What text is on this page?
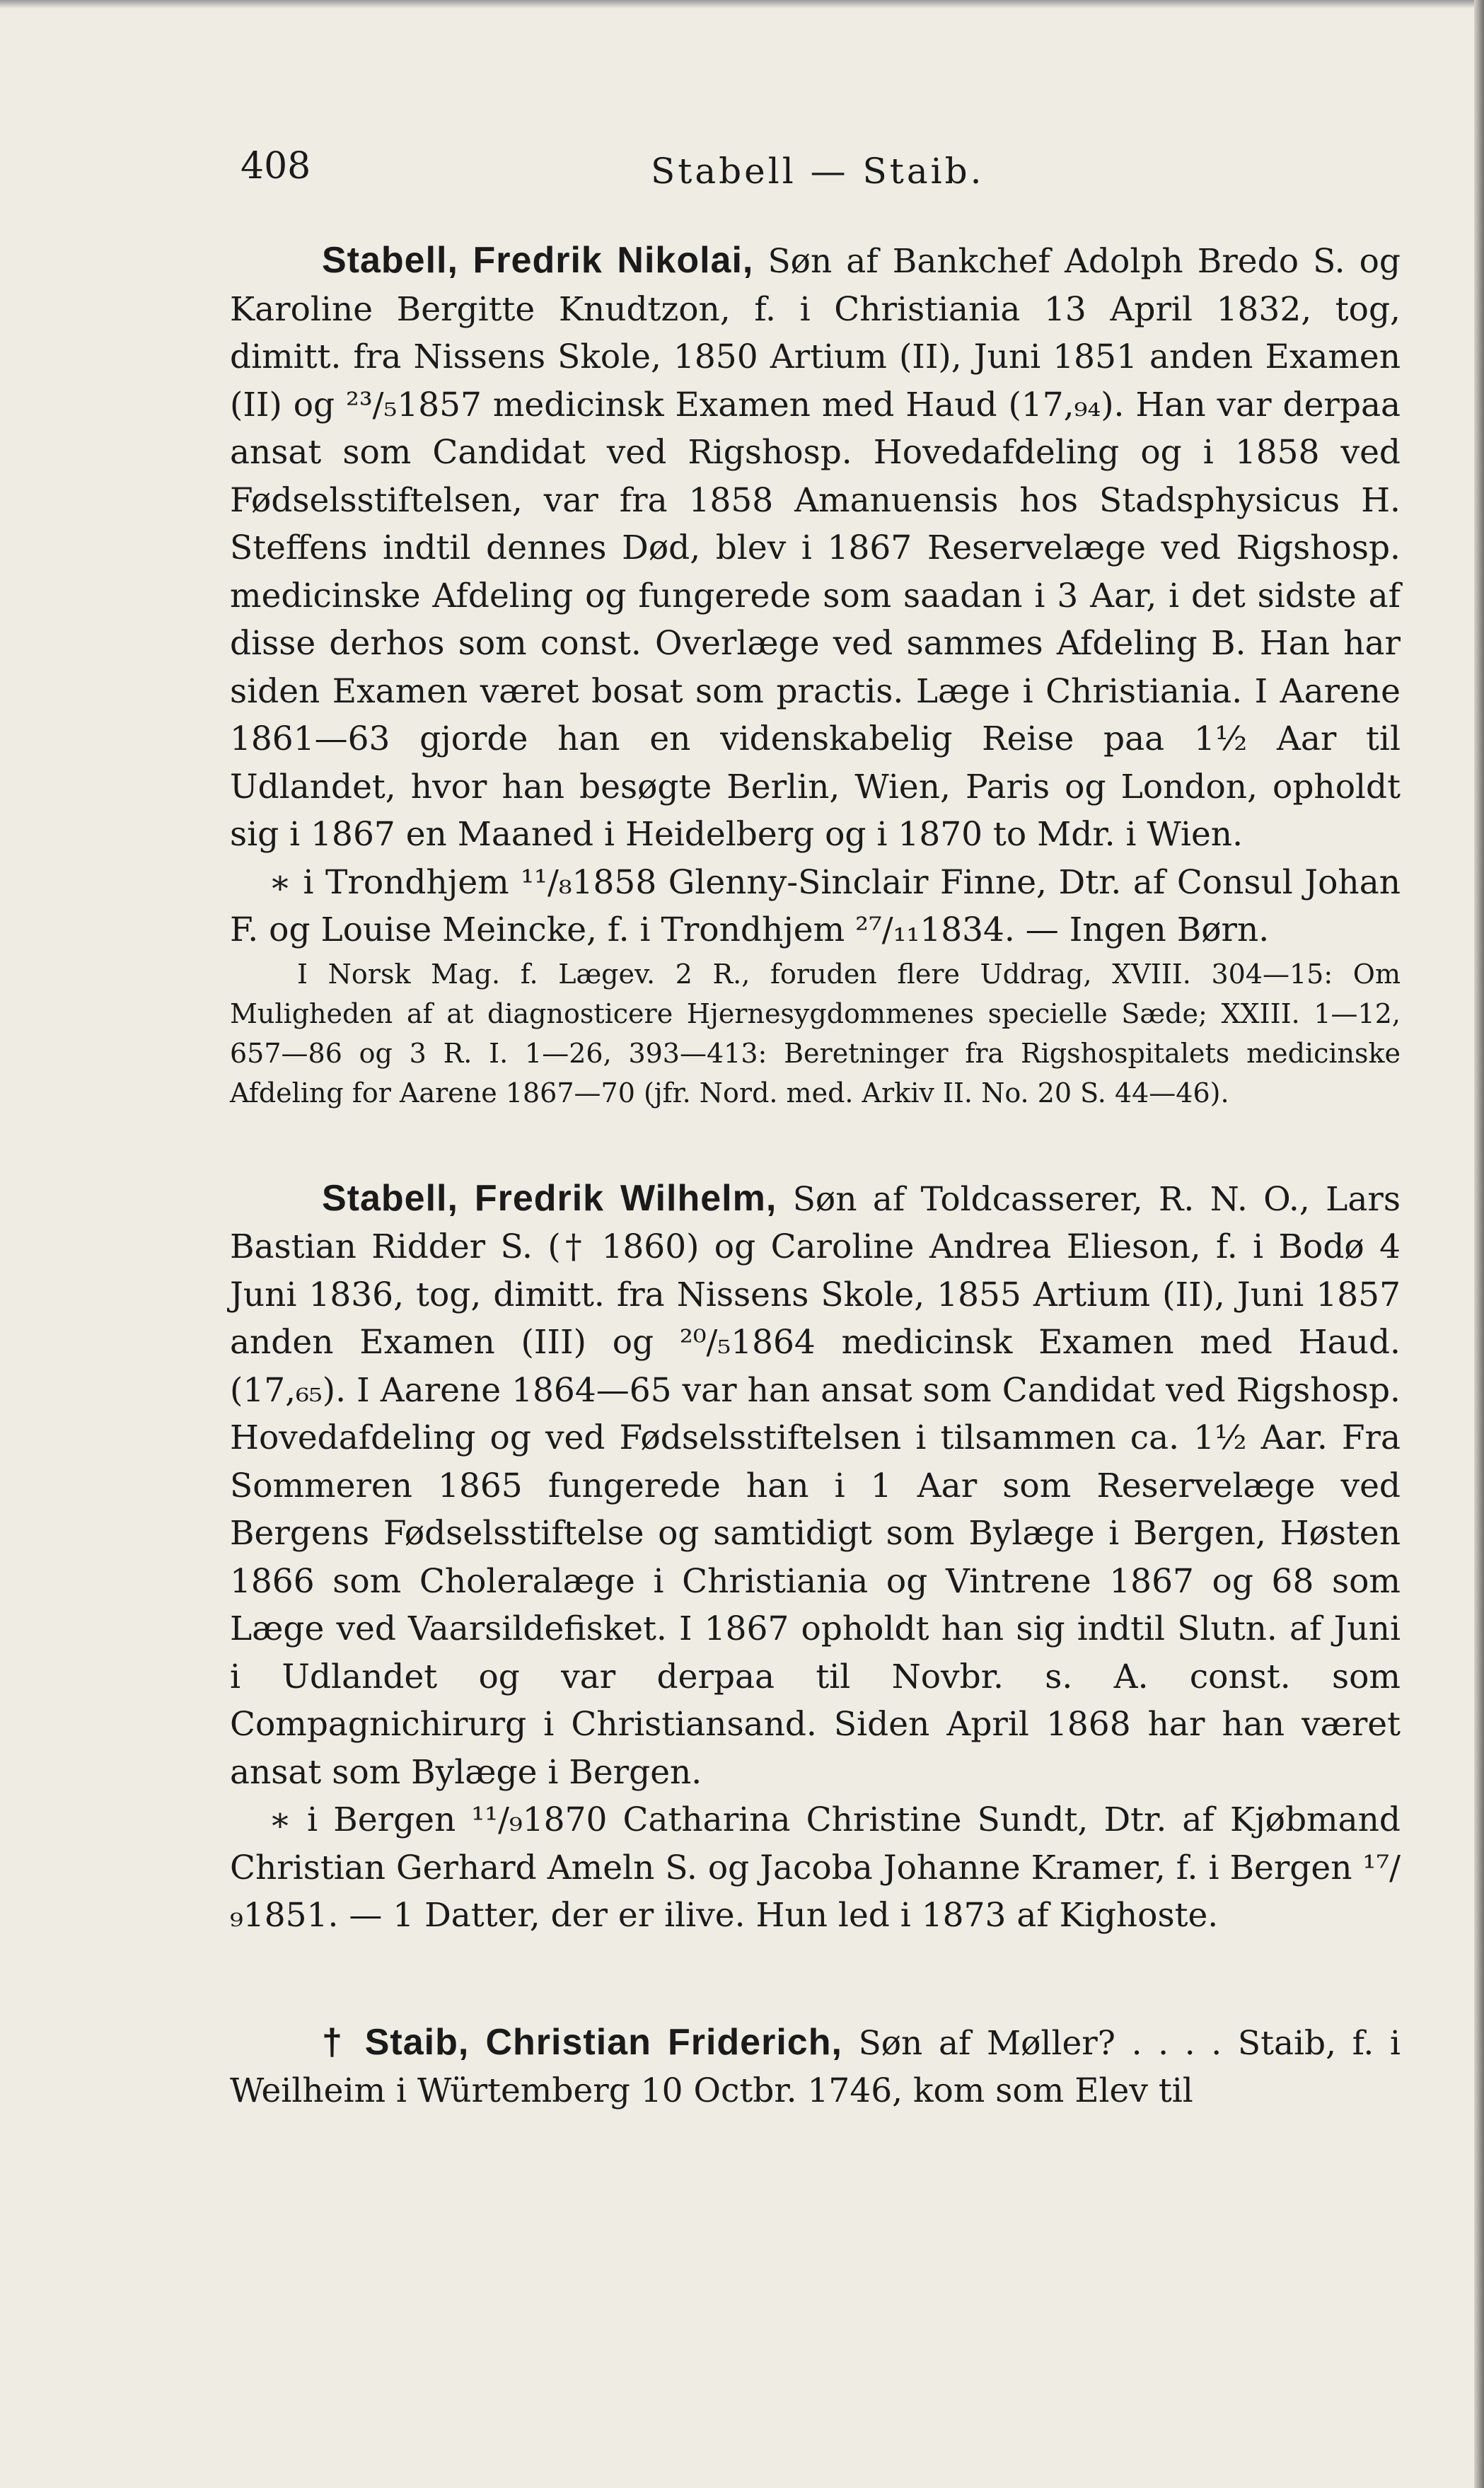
408	Stabell — Staib.

Stabell, Fredrik Nikolai, Søn af Bankchef Adolph Bredo S. og Karoline Bergitte Knudtzon, f. i Christiania 13 April 1832, tog, dimitt. fra Nissens Skole, 1850 Artium (II), Juni 1851 anden Examen (II) og ²³/₅1857 medicinsk Examen med Haud (17,₉₄). Han var derpaa ansat som Candidat ved Rigshosp. Hovedafdeling og i 1858 ved Fødselsstiftelsen, var fra 1858 Amanuensis hos Stadsphysicus H. Steffens indtil dennes Død, blev i 1867 Reservelæge ved Rigshosp. medicinske Afdeling og fungerede som saadan i 3 Aar, i det sidste af disse derhos som const. Overlæge ved sammes Afdeling B. Han har siden Examen været bosat som practis. Læge i Christiania. I Aarene 1861—63 gjorde han en videnskabelig Reise paa 1½ Aar til Udlandet, hvor han besøgte Berlin, Wien, Paris og London, opholdt sig i 1867 en Maaned i Heidelberg og i 1870 to Mdr. i Wien.

∗ i Trondhjem ¹¹/₈1858 Glenny-Sinclair Finne, Dtr. af Consul Johan F. og Louise Meincke, f. i Trondhjem ²⁷/₁₁1834. — Ingen Børn.

I Norsk Mag. f. Lægev. 2 R., foruden flere Uddrag, XVIII. 304—15: Om Muligheden af at diagnosticere Hjernesygdommenes specielle Sæde; XXIII. 1—12, 657—86 og 3 R. I. 1—26, 393—413: Beretninger fra Rigshospitalets medicinske Afdeling for Aarene 1867—70 (jfr. Nord. med. Arkiv II. No. 20 S. 44—46).

Stabell, Fredrik Wilhelm, Søn af Toldcasserer, R. N. O., Lars Bastian Ridder S. († 1860) og Caroline Andrea Elieson, f. i Bodø 4 Juni 1836, tog, dimitt. fra Nissens Skole, 1855 Artium (II), Juni 1857 anden Examen (III) og ²⁰/₅1864 medicinsk Examen med Haud. (17,₆₅). I Aarene 1864—65 var han ansat som Candidat ved Rigshosp. Hovedafdeling og ved Fødselsstiftelsen i tilsammen ca. 1½ Aar. Fra Sommeren 1865 fungerede han i 1 Aar som Reservelæge ved Bergens Fødselsstiftelse og samtidigt som Bylæge i Bergen, Høsten 1866 som Choleralæge i Christiania og Vintrene 1867 og 68 som Læge ved Vaarsildefisket. I 1867 opholdt han sig indtil Slutn. af Juni i Udlandet og var derpaa til Novbr. s. A. const. som Compagnichirurg i Christiansand. Siden April 1868 har han været ansat som Bylæge i Bergen.

∗ i Bergen ¹¹/₉1870 Catharina Christine Sundt, Dtr. af Kjøbmand Christian Gerhard Ameln S. og Jacoba Johanne Kramer, f. i Bergen ¹⁷/₉1851. — 1 Datter, der er ilive. Hun led i 1873 af Kighoste.

† Staib, Christian Friderich, Søn af Møller? . . . . Staib, f. i Weilheim i Würtemberg 10 Octbr. 1746, kom som Elev til
